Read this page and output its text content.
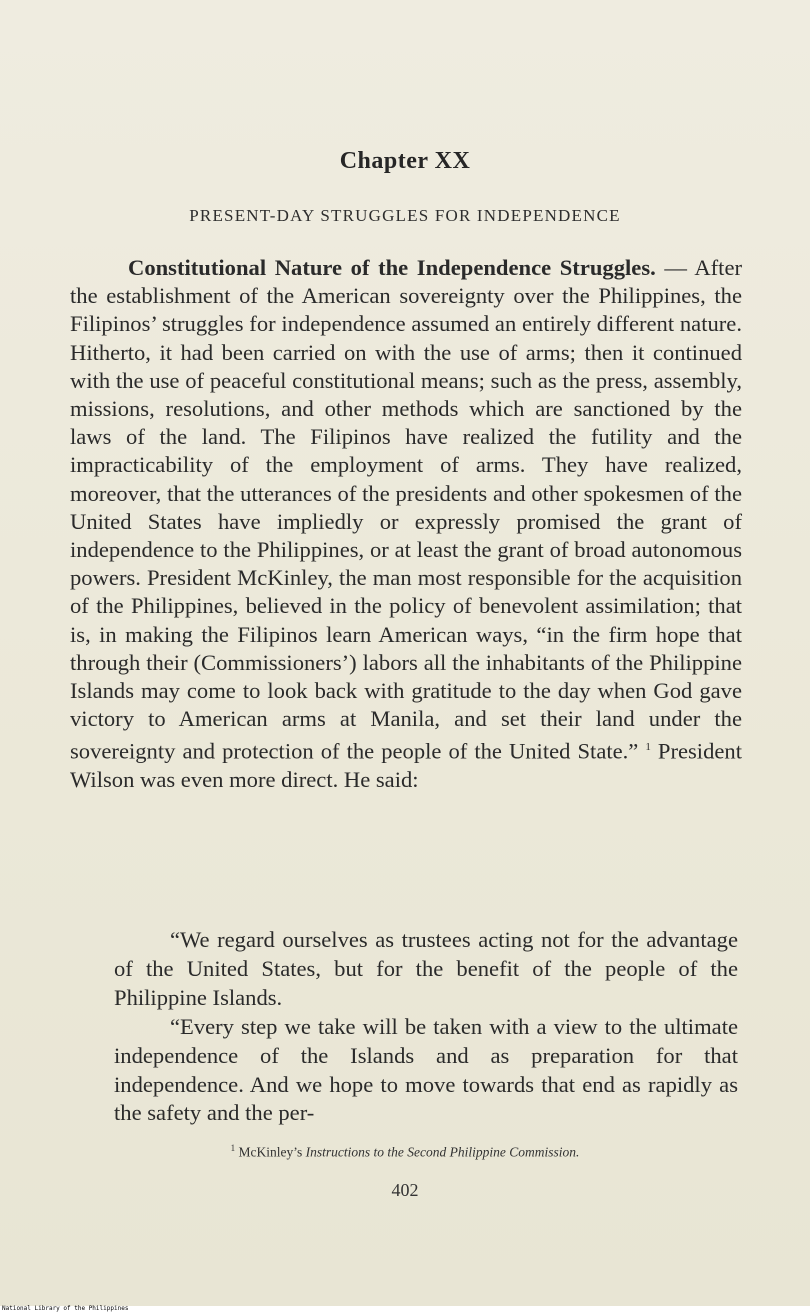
Chapter XX
PRESENT-DAY STRUGGLES FOR INDEPENDENCE

Constitutional Nature of the Independence Struggles. — After the establishment of the American sovereignty over the Philippines, the Filipinos’ struggles for independence assumed an entirely different nature. Hitherto, it had been carried on with the use of arms; then it continued with the use of peaceful constitutional means; such as the press, assembly, missions, resolutions, and other methods which are sanctioned by the laws of the land. The Filipinos have realized the futility and the impracticability of the employment of arms. They have realized, moreover, that the utterances of the presidents and other spokesmen of the United States have impliedly or expressly promised the grant of independence to the Philippines, or at least the grant of broad autonomous powers. President McKinley, the man most responsible for the acquisition of the Philippines, believed in the policy of benevolent assimilation; that is, in making the Filipinos learn American ways, “in the firm hope that through their (Commissioners’) labors all the inhabitants of the Philippine Islands may come to look back with gratitude to the day when God gave victory to American arms at Manila, and set their land under the sovereignty and protection of the people of the United State.” $^1$ President Wilson was even more direct. He said:

“We regard ourselves as trustees acting not for the advantage of the United States, but for the benefit of the people of the Philippine Islands.

“Every step we take will be taken with a view to the ultimate independence of the Islands and as preparation for that independence. And we hope to move towards that end as rapidly as the safety and the per-

$^1$ McKinley’s Instructions to the Second Philippine Commission.
402
National Library of the Philippines
